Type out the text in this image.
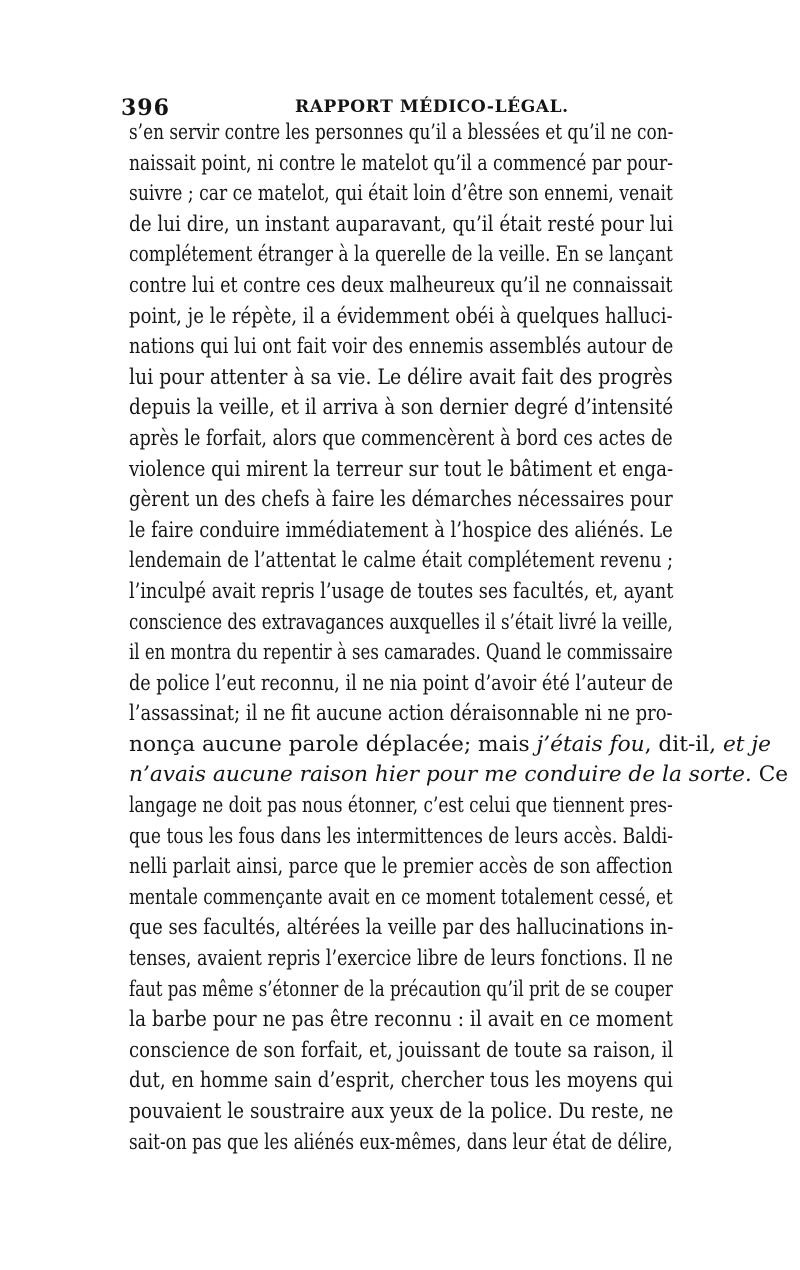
396	RAPPORT MÉDICO-LÉGAL.
s’en servir contre les personnes qu’il a blessées et qu’il ne con-
naissait point, ni contre le matelot qu’il a commencé par pour-
suivre ; car ce matelot, qui était loin d’être son ennemi, venait
de lui dire, un instant auparavant, qu’il était resté pour lui
complétement étranger à la querelle de la veille. En se lançant
contre lui et contre ces deux malheureux qu’il ne connaissait
point, je le répète, il a évidemment obéi à quelques halluci-
nations qui lui ont fait voir des ennemis assemblés autour de
lui pour attenter à sa vie. Le délire avait fait des progrès
depuis la veille, et il arriva à son dernier degré d’intensité
après le forfait, alors que commencèrent à bord ces actes de
violence qui mirent la terreur sur tout le bâtiment et enga-
gèrent un des chefs à faire les démarches nécessaires pour
le faire conduire immédiatement à l’hospice des aliénés. Le
lendemain de l’attentat le calme était complétement revenu ;
l’inculpé avait repris l’usage de toutes ses facultés, et, ayant
conscience des extravagances auxquelles il s’était livré la veille,
il en montra du repentir à ses camarades. Quand le commissaire
de police l’eut reconnu, il ne nia point d’avoir été l’auteur de
l’assassinat; il ne fit aucune action déraisonnable ni ne pro-
nonça aucune parole déplacée; mais j’étais fou , dit-il, et je
n’avais aucune raison hier pour me conduire de la sorte. Ce
langage ne doit pas nous étonner, c’est celui que tiennent pres-
que tous les fous dans les intermittences de leurs accès. Baldi-
nelli parlait ainsi, parce que le premier accès de son affection
mentale commençante avait en ce moment totalement cessé, et
que ses facultés, altérées la veille par des hallucinations in-
tenses, avaient repris l’exercice libre de leurs fonctions. Il ne
faut pas même s’étonner de la précaution qu’il prit de se couper
la barbe pour ne pas être reconnu : il avait en ce moment
conscience de son forfait, et, jouissant de toute sa raison, il
dut, en homme sain d’esprit, chercher tous les moyens qui
pouvaient le soustraire aux yeux de la police. Du reste, ne
sait-on pas que les aliénés eux-mêmes, dans leur état de délire,
